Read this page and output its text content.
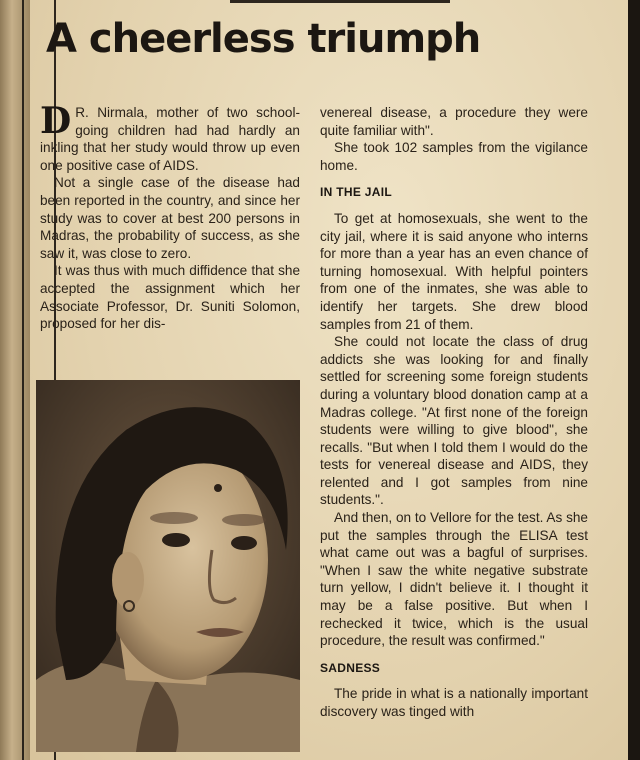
A cheerless triumph

D R. Nirmala, mother of two school-going children had had hardly an inkling that her study would throw up even one positive case of AIDS.

Not a single case of the disease had been reported in the country, and since her study was to cover at best 200 persons in Madras, the probability of success, as she saw it, was close to zero.

It was thus with much diffidence that she accepted the assignment which her Associate Professor, Dr. Suniti Solomon, proposed for her dis-

venereal disease, a procedure they were quite familiar with".

She took 102 samples from the vigilance home.

IN THE JAIL

To get at homosexuals, she went to the city jail, where it is said anyone who interns for more than a year has an even chance of turning homosexual. With helpful pointers from one of the inmates, she was able to identify her targets. She drew blood samples from 21 of them.

She could not locate the class of drug addicts she was looking for and finally settled for screening some foreign students during a voluntary blood donation camp at a Madras college. "At first none of the foreign students were willing to give blood", she recalls. "But when I told them I would do the tests for venereal disease and AIDS, they relented and I got samples from nine students.".

And then, on to Vellore for the test. As she put the samples through the ELISA test what came out was a bagful of surprises. "When I saw the white negative substrate turn yellow, I didn't believe it. I thought it may be a false positive. But when I rechecked it twice, which is the usual procedure, the result was confirmed."

SADNESS

The pride in what is a nationally important discovery was tinged with
